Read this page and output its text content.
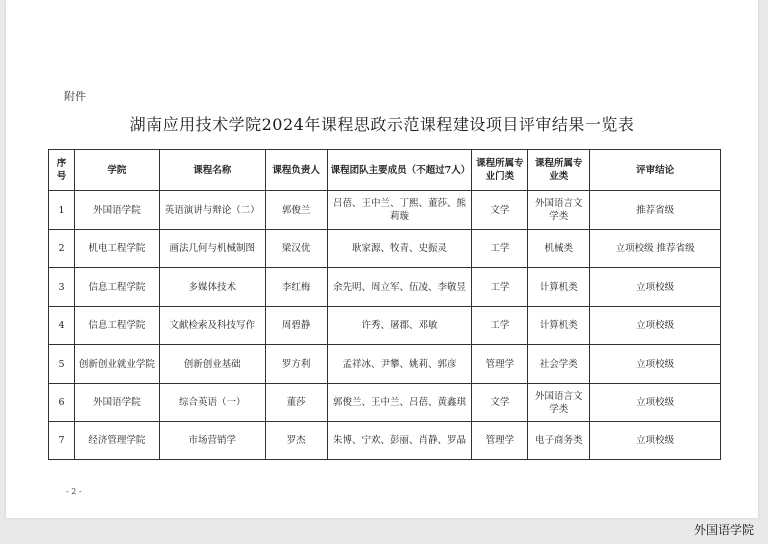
附件
湖南应用技术学院2024年课程思政示范课程建设项目评审结果一览表
序号	学院	课程名称	课程负责人	课程团队主要成员（不超过7人）	课程所属专业门类	课程所属专业类	评审结论
1	外国语学院	英语演讲与辩论（二）	郭俊兰	吕蓓、王中兰、丁熙、董莎、熊莉璇	文学	外国语言文学类	推荐省级
2	机电工程学院	画法几何与机械制图	梁汉优	耿家源、牧青、史振灵	工学	机械类	立项校级 推荐省级
3	信息工程学院	多媒体技术	李红梅	余先明、周立军、伍凌、李敬昱	工学	计算机类	立项校级
4	信息工程学院	文献检索及科技写作	周碧静	许秀、屠郡、邓敏	工学	计算机类	立项校级
5	创新创业就业学院	创新创业基础	罗方利	孟祥冰、尹攀、姚莉、郭彦	管理学	社会学类	立项校级
6	外国语学院	综合英语（一）	董莎	郭俊兰、王中兰、吕蓓、黄鑫琪	文学	外国语言文学类	立项校级
7	经济管理学院	市场营销学	罗杰	朱博、宁欢、彭丽、肖静、罗晶	管理学	电子商务类	立项校级
- 2 -
外国语学院
